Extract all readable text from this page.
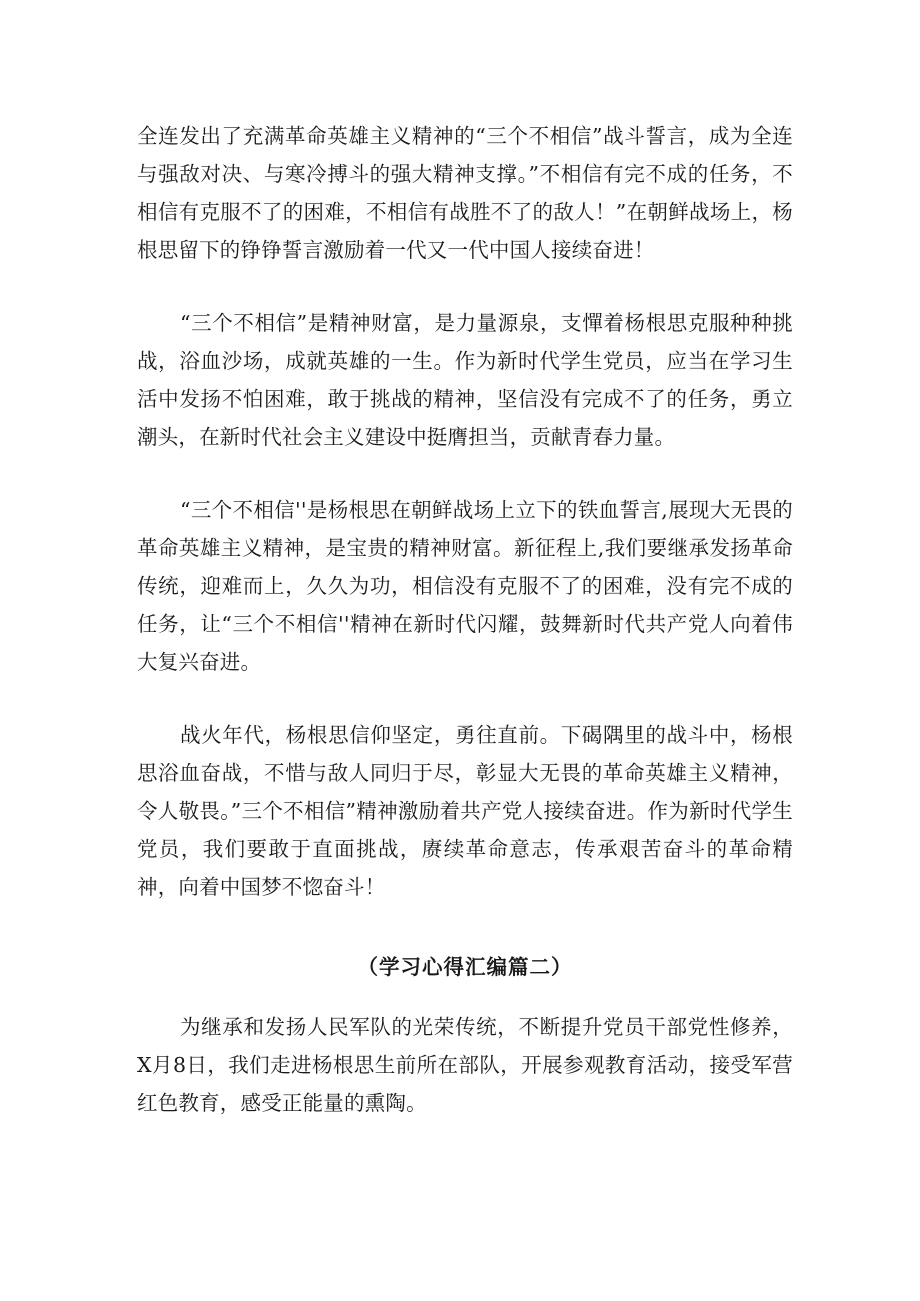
全连发出了充满革命英雄主义精神的“三个不相信”战斗誓言，成为全连与强敌对决、与寒冷搏斗的强大精神支撑。”不相信有完不成的任务，不相信有克服不了的困难，不相信有战胜不了的敌人！”在朝鲜战场上，杨根思留下的铮铮誓言激励着一代又一代中国人接续奋进！

“三个不相信”是精神财富，是力量源泉，支憚着杨根思克服种种挑战，浴血沙场，成就英雄的一生。作为新时代学生党员，应当在学习生活中发扬不怕困难，敢于挑战的精神，坚信没有完成不了的任务，勇立潮头，在新时代社会主义建设中挺膺担当，贡献青春力量。

“三个不相信''是杨根思在朝鲜战场上立下的铁血誓言,展现大无畏的革命英雄主义精神，是宝贵的精神财富。新征程上,我们要继承发扬革命传统，迎难而上，久久为功，相信没有克服不了的困难，没有完不成的任务，让“三个不相信''精神在新时代闪耀，鼓舞新时代共产党人向着伟大复兴奋进。

战火年代，杨根思信仰坚定，勇往直前。下碣隅里的战斗中，杨根思浴血奋战，不惜与敌人同归于尽，彰显大无畏的革命英雄主义精神，令人敬畏。”三个不相信”精神激励着共产党人接续奋进。作为新时代学生党员，我们要敢于直面挑战，赓续革命意志，传承艰苦奋斗的革命精神，向着中国梦不惚奋斗！

（学习心得汇编篇二）

为继承和发扬人民军队的光荣传统，不断提升党员干部党性修养，X月8日，我们走进杨根思生前所在部队，开展参观教育活动，接受军营红色教育，感受正能量的熏陶。
